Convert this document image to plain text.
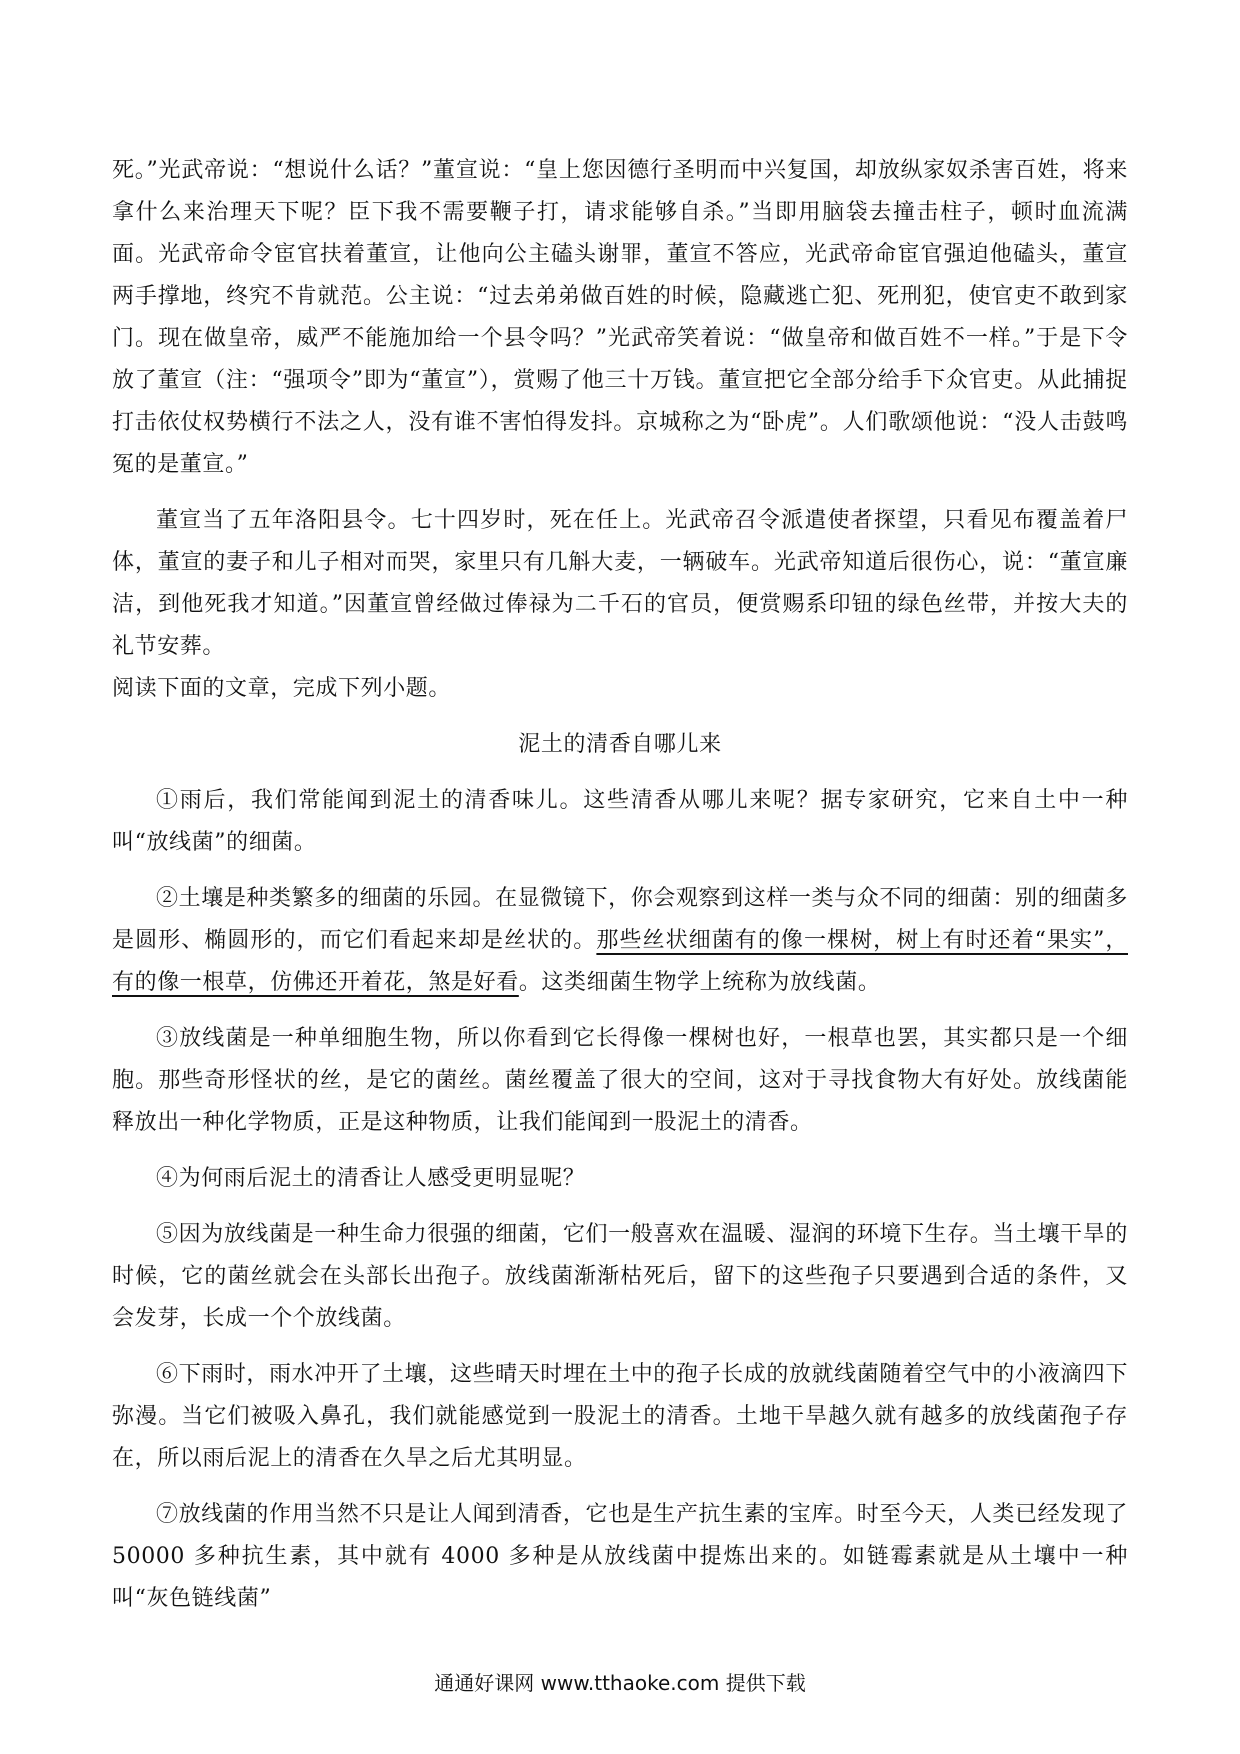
死。”光武帝说：“想说什么话？”董宣说：“皇上您因德行圣明而中兴复国，却放纵家奴杀害百姓，将来拿什么来治理天下呢？臣下我不需要鞭子打，请求能够自杀。”当即用脑袋去撞击柱子，顿时血流满面。光武帝命令宦官扶着董宣，让他向公主磕头谢罪，董宣不答应，光武帝命宦官强迫他磕头，董宣两手撑地，终究不肯就范。公主说：“过去弟弟做百姓的时候，隐藏逃亡犯、死刑犯，使官吏不敢到家门。现在做皇帝，威严不能施加给一个县令吗？”光武帝笑着说：“做皇帝和做百姓不一样。”于是下令放了董宣（注：“强项令”即为“董宣”），赏赐了他三十万钱。董宣把它全部分给手下众官吏。从此捕捉打击依仗权势横行不法之人，没有谁不害怕得发抖。京城称之为“卧虎”。人们歌颂他说：“没人击鼓鸣冤的是董宣。”

董宣当了五年洛阳县令。七十四岁时，死在任上。光武帝召令派遣使者探望，只看见布覆盖着尸体，董宣的妻子和儿子相对而哭，家里只有几斛大麦，一辆破车。光武帝知道后很伤心，说：“董宣廉洁，到他死我才知道。”因董宣曾经做过俸禄为二千石的官员，便赏赐系印钮的绿色丝带，并按大夫的礼节安葬。

阅读下面的文章，完成下列小题。

泥土的清香自哪儿来

①雨后，我们常能闻到泥土的清香味儿。这些清香从哪儿来呢？据专家研究，它来自土中一种叫“放线菌”的细菌。

②土壤是种类繁多的细菌的乐园。在显微镜下，你会观察到这样一类与众不同的细菌：别的细菌多是圆形、椭圆形的，而它们看起来却是丝状的。那些丝状细菌有的像一棵树，树上有时还着“果实”，有的像一根草，仿佛还开着花，煞是好看。这类细菌生物学上统称为放线菌。

③放线菌是一种单细胞生物，所以你看到它长得像一棵树也好，一根草也罢，其实都只是一个细胞。那些奇形怪状的丝，是它的菌丝。菌丝覆盖了很大的空间，这对于寻找食物大有好处。放线菌能释放出一种化学物质，正是这种物质，让我们能闻到一股泥土的清香。

④为何雨后泥土的清香让人感受更明显呢？

⑤因为放线菌是一种生命力很强的细菌，它们一般喜欢在温暖、湿润的环境下生存。当土壤干旱的时候，它的菌丝就会在头部长出孢子。放线菌渐渐枯死后，留下的这些孢子只要遇到合适的条件，又会发芽，长成一个个放线菌。

⑥下雨时，雨水冲开了土壤，这些晴天时埋在土中的孢子长成的放就线菌随着空气中的小液滴四下弥漫。当它们被吸入鼻孔，我们就能感觉到一股泥土的清香。土地干旱越久就有越多的放线菌孢子存在，所以雨后泥上的清香在久旱之后尤其明显。

⑦放线菌的作用当然不只是让人闻到清香，它也是生产抗生素的宝库。时至今天，人类已经发现了 50000 多种抗生素，其中就有 4000 多种是从放线菌中提炼出来的。如链霉素就是从土壤中一种叫“灰色链线菌”

通通好课网 www.tthaoke.com 提供下载
